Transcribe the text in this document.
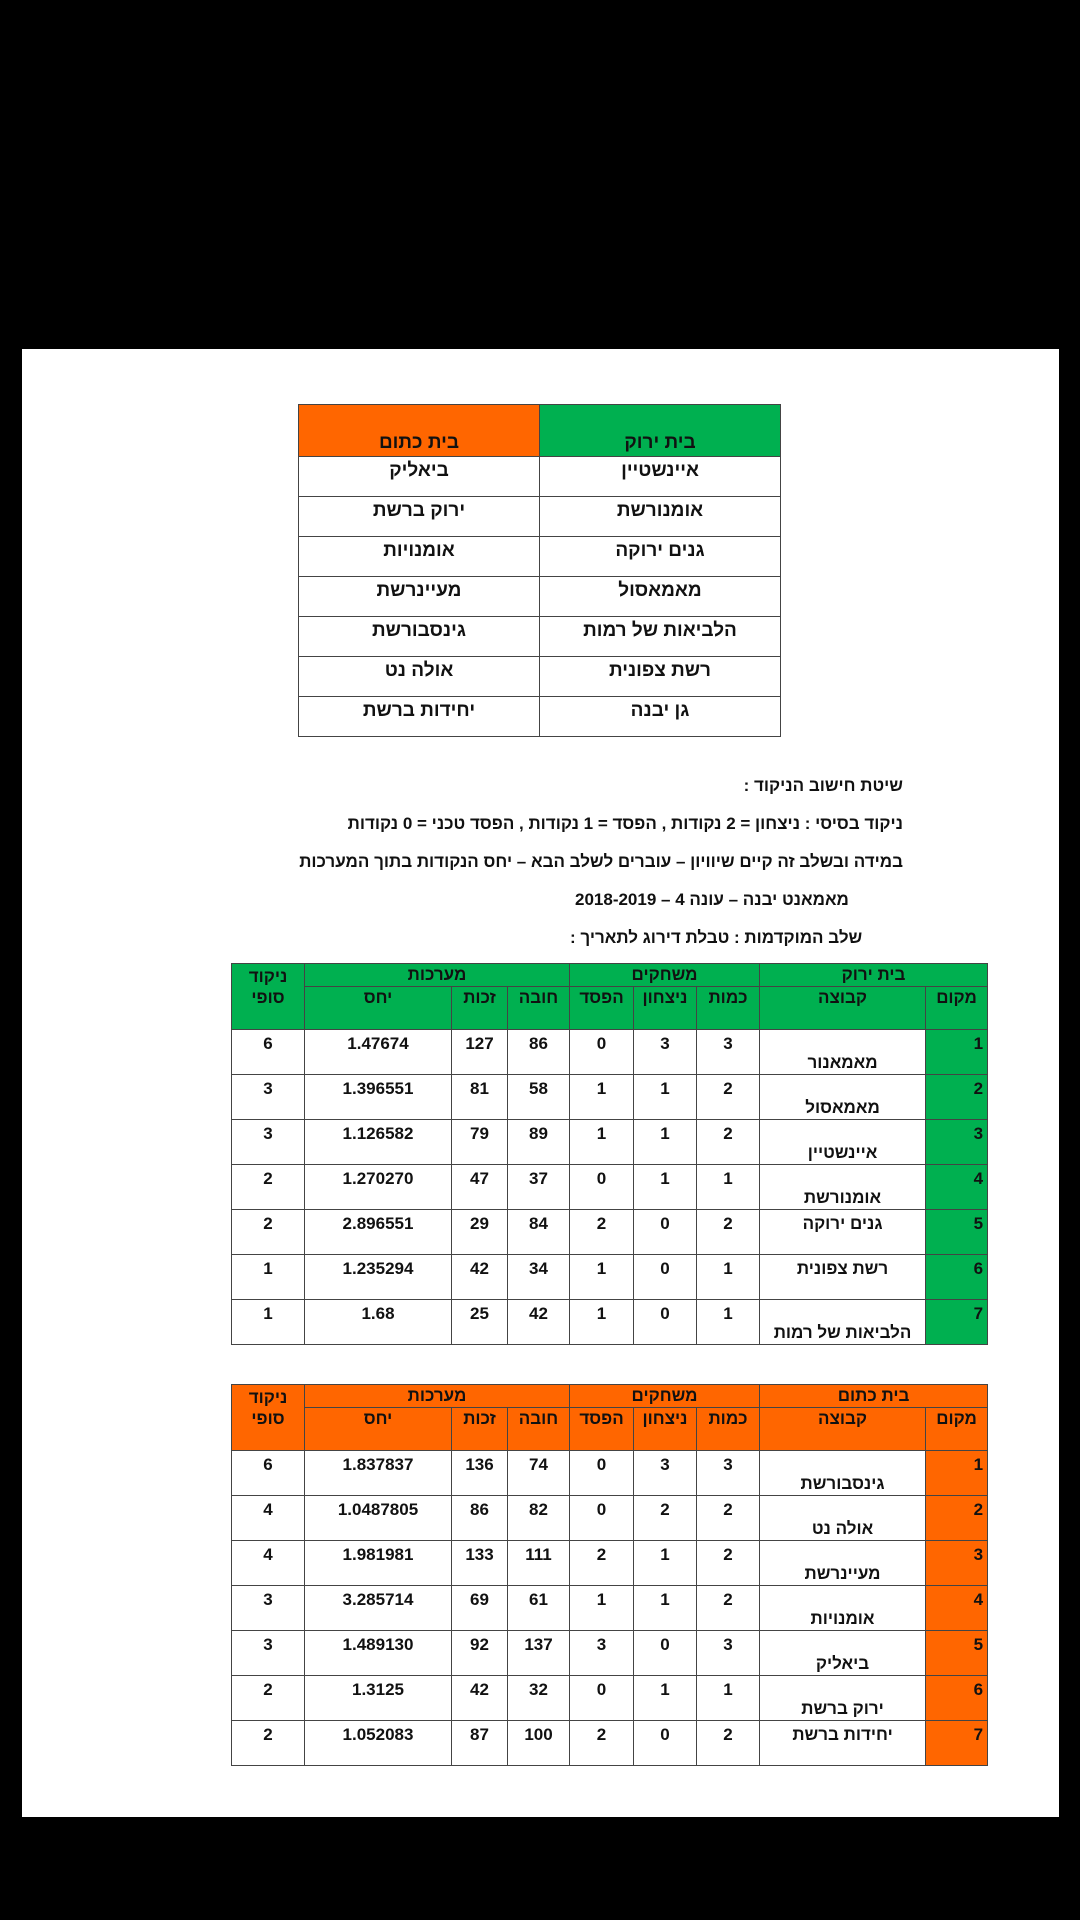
בית ירוק	בית כתום
איינשטיין	ביאליק
אומנורשת	ירוק ברשת
גנים ירוקה	אומנויות
מאמאסול	מעיינרשת
הלביאות של רמות	גינסבורשת
רשת צפונית	אולה נט
גן יבנה	יחידות ברשת

שיטת חישוב הניקוד :

ניקוד בסיסי : ניצחון = 2 נקודות , הפסד = 1 נקודות , הפסד טכני = 0 נקודות

במידה ובשלב זה קיים שיוויון – עוברים לשלב הבא – יחס הנקודות בתוך המערכות

מאמאנט יבנה – עונה 4 – 2018-2019

שלב המוקדמות : טבלת דירוג לתאריך :

בית ירוק		משחקים			מערכות			ניקוד סופי
מקום	קבוצה	כמות	ניצחון	הפסד	חובה	זכות	יחס	
1	מאמאנור	3	3	0	86	127	1.47674	6
2	מאמאסול	2	1	1	58	81	1.396551	3
3	איינשטיין	2	1	1	89	79	1.126582	3
4	אומנורשת	1	1	0	37	47	1.270270	2
5	גנים ירוקה	2	0	2	84	29	2.896551	2
6	רשת צפונית	1	0	1	34	42	1.235294	1
7	הלביאות של רמות	1	0	1	42	25	1.68	1
בית כתום		משחקים			מערכות			ניקוד סופי
מקום	קבוצה	כמות	ניצחון	הפסד	חובה	זכות	יחס	
1	גינסבורשת	3	3	0	74	136	1.837837	6
2	אולה נט	2	2	0	82	86	1.0487805	4
3	מעיינרשת	2	1	2	111	133	1.981981	4
4	אומנויות	2	1	1	61	69	3.285714	3
5	ביאליק	3	0	3	137	92	1.489130	3
6	ירוק ברשת	1	1	0	32	42	1.3125	2
7	יחידות ברשת	2	0	2	100	87	1.052083	2
